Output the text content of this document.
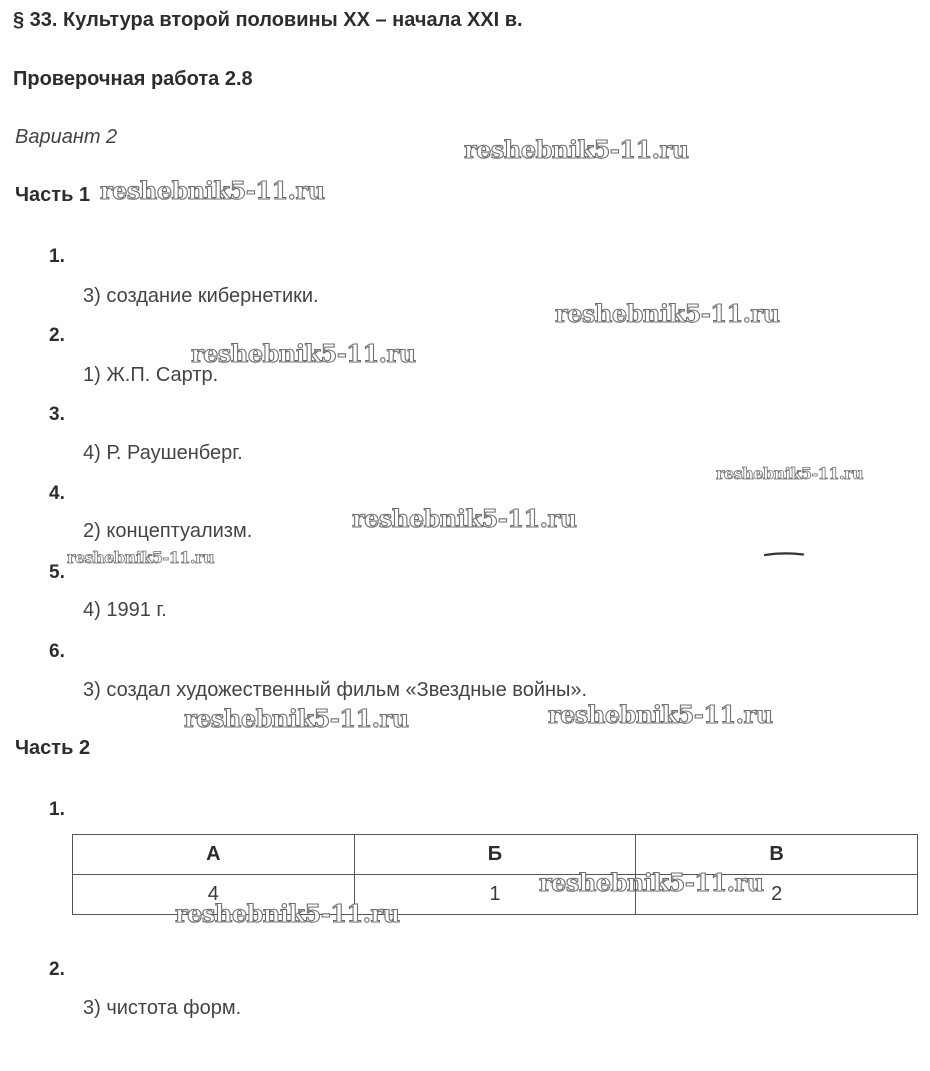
§ 33. Культура второй половины XX – начала XXI в.
Проверочная работа 2.8
Вариант 2
Часть 1
1.
3) создание кибернетики.
2.
1) Ж.П. Сартр.
3.
4) Р. Раушенберг.
4.
2) концептуализм.
5.
4) 1991 г.
6.
3) создал художественный фильм «Звездные войны».
Часть 2
1.
А	Б	В
4	1	2
2.
3) чистота форм.
reshebnik5-11.ru
reshebnik5-11.ru
reshebnik5-11.ru
reshebnik5-11.ru
reshebnik5-11.ru
reshebnik5-11.ru
reshebnik5-11.ru
reshebnik5-11.ru
reshebnik5-11.ru
reshebnik5-11.ru
reshebnik5-11.ru
